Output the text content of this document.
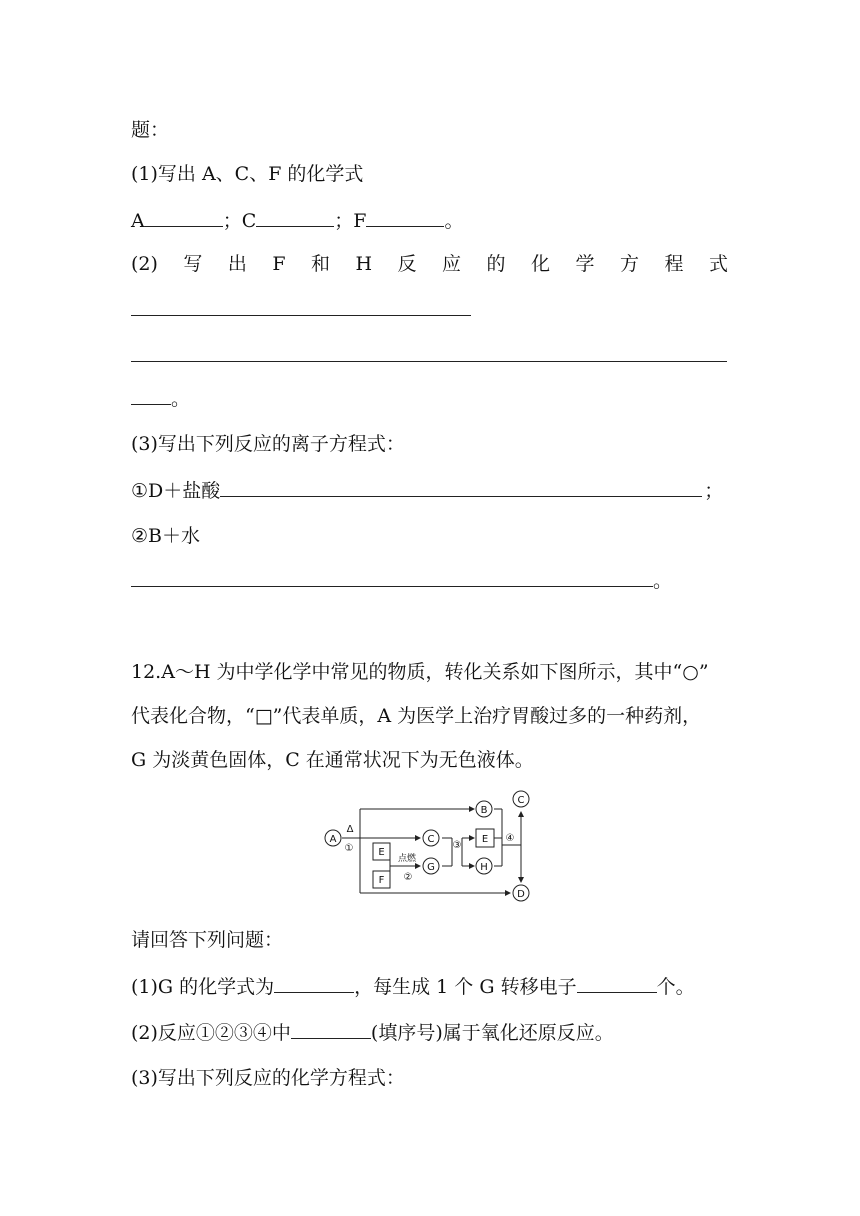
题：
(1)写出 A、C、F 的化学式
A	；C	；F	。
(2) 写 出 F 和 H 反 应 的 化 学 方 程 式
。
(3)写出下列反应的离子方程式：
①D＋盐酸	；
②B＋水
。
12.A～H 为中学化学中常见的物质，转化关系如下图所示，其中“○”
代表化合物，“□”代表单质，A 为医学上治疗胃酸过多的一种药剂，
G 为淡黄色固体，C 在通常状况下为无色液体。
A
B
C
C
G	H
D
E
F
E
Δ
①
点燃
②
③
④
请回答下列问题：
(1)G 的化学式为	，每生成 1 个 G 转移电子	个。
(2)反应①②③④中	(填序号)属于氧化还原反应。
(3)写出下列反应的化学方程式：
